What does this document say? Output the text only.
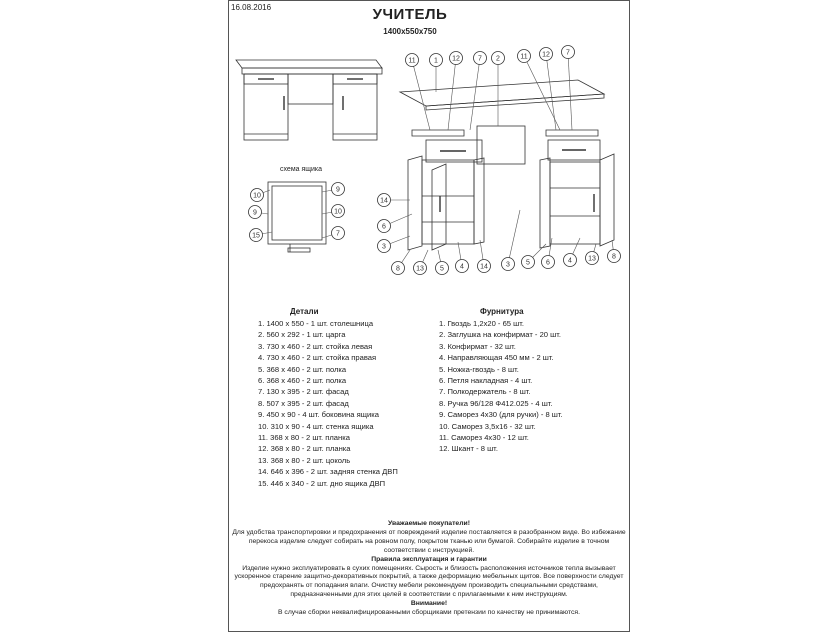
16.08.2016	УЧИТЕЛЬ
1400х550х750
11	1 12	7 2	11 12 7
14
6
3
8 13 5 4 14	3 5 6	4 13 8
10
9
15
9	10
7
схема ящика
Детали
1. 1400 х 550 - 1 шт. столешница
2. 560 х 292 - 1 шт. царга
3. 730 х 460 - 2 шт. стойка левая
4. 730 х 460 - 2 шт. стойка правая
5. 368 х 460 - 2 шт. полка
6. 368 х 460 - 2 шт. полка
7. 130 х 395 - 2 шт. фасад
8. 507 х 395 - 2 шт. фасад
9. 450 х 90 - 4 шт. боковина ящика
10. 310 х 90 - 4 шт. стенка ящика
11. 368 х 80 - 2 шт. планка
12. 368 х 80 - 2 шт. планка
13. 368 х 80 - 2 шт. цоколь
14. 646 х 396 - 2 шт. задняя стенка ДВП
15. 446 х 340 - 2 шт. дно ящика ДВП
Фурнитура
1. Гвоздь 1,2х20 - 65 шт.
2. Заглушка на конфирмат - 20 шт.
3. Конфирмат - 32 шт.
4. Направляющая 450 мм - 2 шт.
5. Ножка-гвоздь - 8 шт.
6. Петля накладная - 4 шт.
7. Полкодержатель - 8 шт.
8. Ручка 96/128 Ф412.025 - 4 шт.
9. Саморез 4х30 (для ручки) - 8 шт.
10. Саморез 3,5х16 - 32 шт.
11. Саморез 4х30 - 12 шт.
12. Шкант - 8 шт.

Уважаемые покупатели!

Для удобства транспортировки и предохранения от повреждений изделие поставляется в разобранном виде. Во избежание перекоса изделие следует собирать на ровном полу, покрытом тканью или бумагой. Собирайте изделие в точном соответствии с инструкцией.

Правила эксплуатация и гарантии

Изделие нужно эксплуатировать в сухих помещениях. Сырость и близость расположения источников тепла вызывает ускоренное старение защитно-декоративных покрытий, а также деформацию мебельных щитов. Все поверхности следует предохранять от попадания влаги. Очистку мебели рекомендуем производить специальными средствами, предназначенными для этих целей в соответствии с прилагаемыми к ним инструкциям.

Внимание!

В случае сборки неквалифицированными сборщиками претензии по качеству не принимаются.
